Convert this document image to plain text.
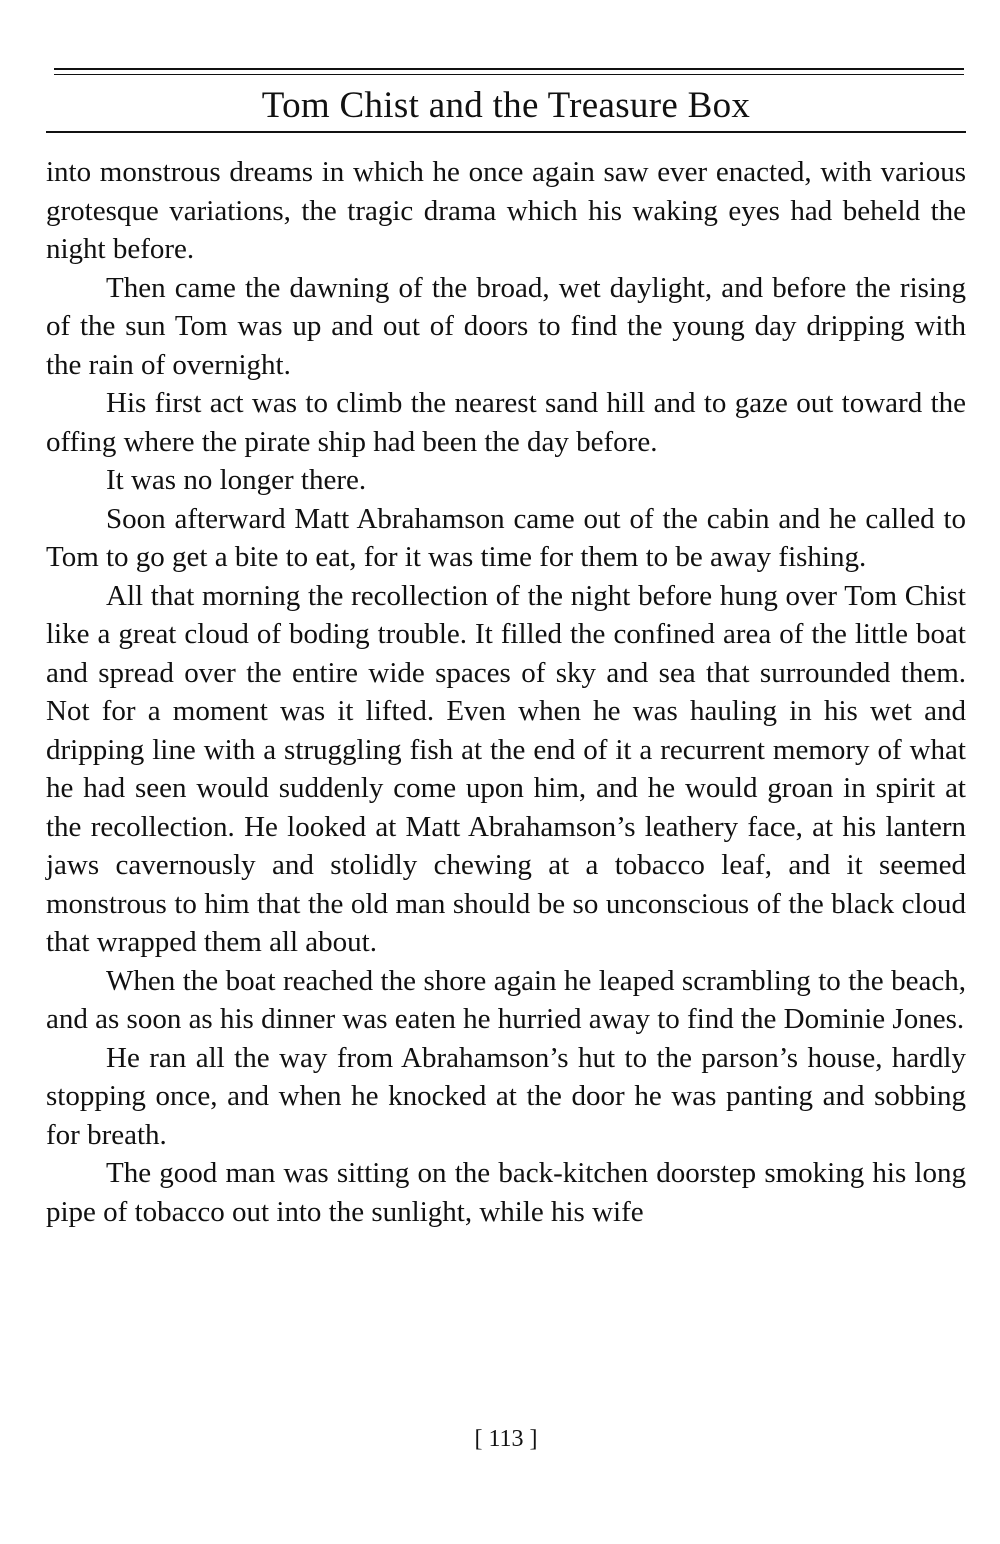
Tom Chist and the Treasure Box

into monstrous dreams in which he once again saw ever enacted, with various grotesque variations, the tragic drama which his waking eyes had beheld the night before.

Then came the dawning of the broad, wet daylight, and before the rising of the sun Tom was up and out of doors to find the young day dripping with the rain of overnight.

His first act was to climb the nearest sand hill and to gaze out toward the offing where the pirate ship had been the day before.

It was no longer there.

Soon afterward Matt Abrahamson came out of the cabin and he called to Tom to go get a bite to eat, for it was time for them to be away fishing.

All that morning the recollection of the night before hung over Tom Chist like a great cloud of boding trouble. It filled the confined area of the little boat and spread over the entire wide spaces of sky and sea that surrounded them. Not for a moment was it lifted. Even when he was hauling in his wet and dripping line with a struggling fish at the end of it a recurrent memory of what he had seen would suddenly come upon him, and he would groan in spirit at the recollection. He looked at Matt Abrahamson’s leathery face, at his lantern jaws cavernously and stolidly chewing at a tobacco leaf, and it seemed monstrous to him that the old man should be so unconscious of the black cloud that wrapped them all about.

When the boat reached the shore again he leaped scrambling to the beach, and as soon as his dinner was eaten he hurried away to find the Dominie Jones.

He ran all the way from Abrahamson’s hut to the parson’s house, hardly stopping once, and when he knocked at the door he was panting and sobbing for breath.

The good man was sitting on the back-kitchen doorstep smoking his long pipe of tobacco out into the sunlight, while his wife

[ 113 ]
